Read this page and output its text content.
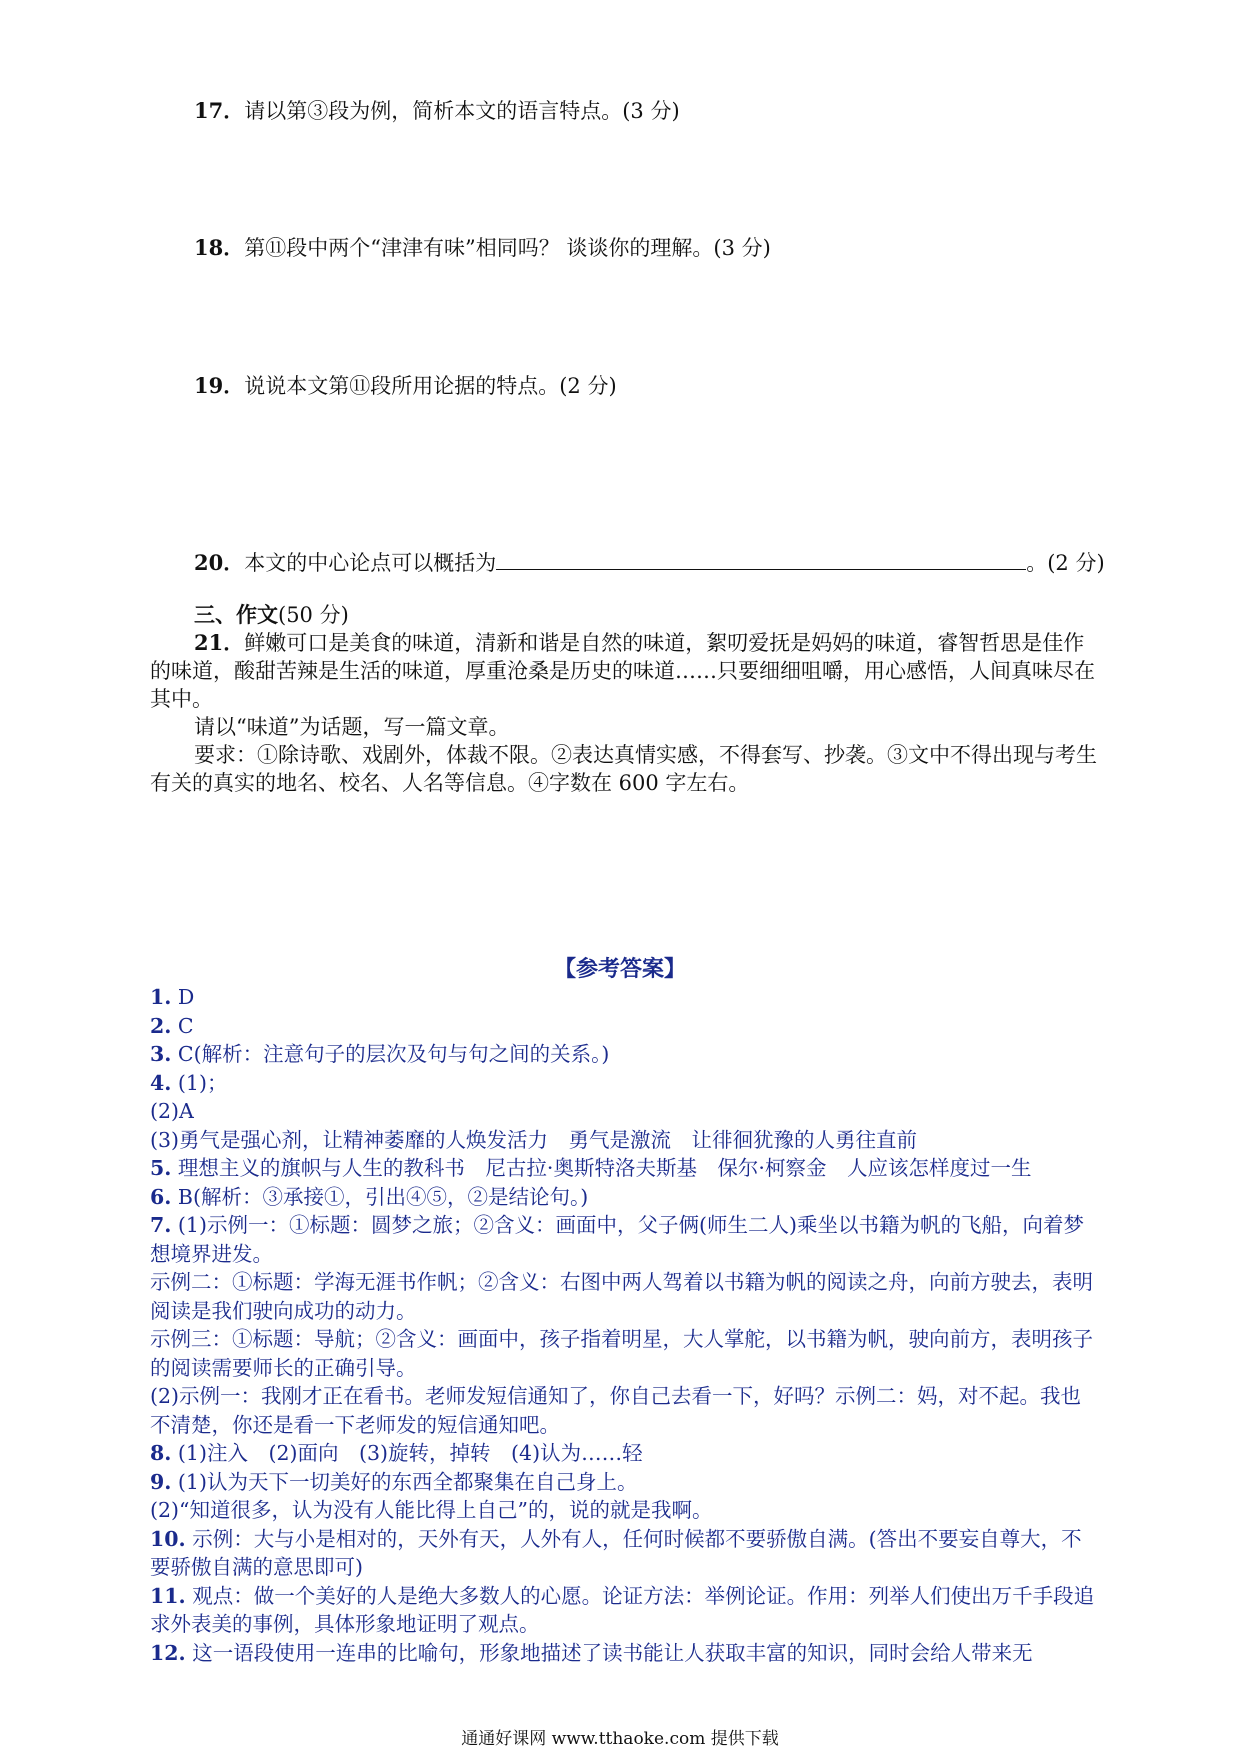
17．请以第③段为例，简析本文的语言特点。(3 分)
18．第⑪段中两个“津津有味”相同吗？ 谈谈你的理解。(3 分)
19．说说本文第⑪段所用论据的特点。(2 分)
20．本文的中心论点可以概括为	。(2 分)

三、作文(50 分)

21．鲜嫩可口是美食的味道，清新和谐是自然的味道，絮叨爱抚是妈妈的味道，睿智哲思是佳作的味道，酸甜苦辣是生活的味道，厚重沧桑是历史的味道……只要细细咀嚼，用心感悟，人间真味尽在其中。

请以“味道”为话题，写一篇文章。

要求：①除诗歌、戏剧外，体裁不限。②表达真情实感，不得套写、抄袭。③文中不得出现与考生有关的真实的地名、校名、人名等信息。④字数在 600 字左右。

【参考答案】

1. D

2. C

3. C(解析：注意句子的层次及句与句之间的关系。)

4. (1)；

(2)A

(3)勇气是强心剂，让精神萎靡的人焕发活力　勇气是激流　让徘徊犹豫的人勇往直前

5. 理想主义的旗帜与人生的教科书　尼古拉·奥斯特洛夫斯基　保尔·柯察金　人应该怎样度过一生

6. B(解析：③承接①，引出④⑤，②是结论句。)

7. (1)示例一：①标题：圆梦之旅；②含义：画面中，父子俩(师生二人)乘坐以书籍为帆的飞船，向着梦想境界进发。

示例二：①标题：学海无涯书作帆；②含义：右图中两人驾着以书籍为帆的阅读之舟，向前方驶去，表明阅读是我们驶向成功的动力。

示例三：①标题：导航；②含义：画面中，孩子指着明星，大人掌舵，以书籍为帆，驶向前方，表明孩子的阅读需要师长的正确引导。

(2)示例一：我刚才正在看书。老师发短信通知了，你自己去看一下，好吗？示例二：妈，对不起。我也不清楚，你还是看一下老师发的短信通知吧。

8. (1)注入　(2)面向　(3)旋转，掉转　(4)认为……轻

9. (1)认为天下一切美好的东西全都聚集在自己身上。

(2)“知道很多，认为没有人能比得上自己”的，说的就是我啊。

10. 示例：大与小是相对的，天外有天，人外有人，任何时候都不要骄傲自满。(答出不要妄自尊大，不要骄傲自满的意思即可)

11. 观点：做一个美好的人是绝大多数人的心愿。论证方法：举例论证。作用：列举人们使出万千手段追求外表美的事例，具体形象地证明了观点。

12. 这一语段使用一连串的比喻句，形象地描述了读书能让人获取丰富的知识，同时会给人带来无

通通好课网 www.tthaoke.com 提供下载
